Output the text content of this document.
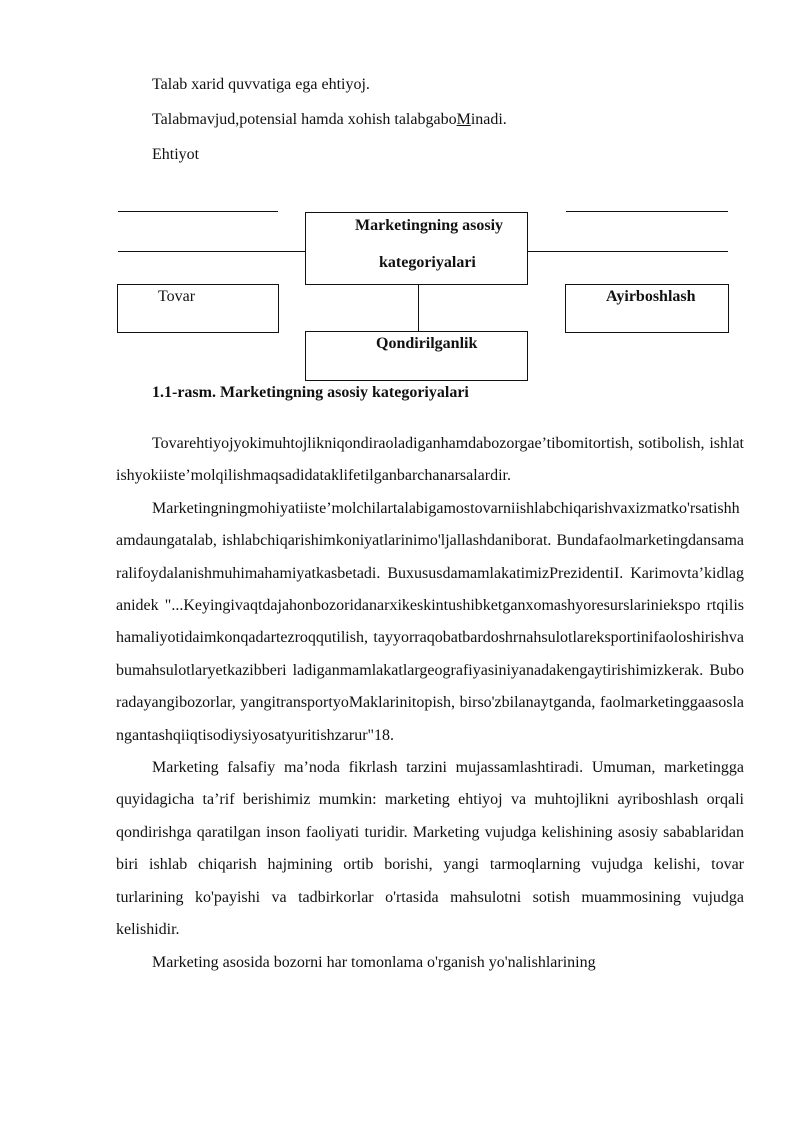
Talab xarid quvvatiga ega ehtiyoj.
Talabmavjud,potensial hamda xohish talabgaboMinadi.
Ehtiyot
Marketingning asosiy
kategoriyalari
Tovar	Ayirboshlash
Qondirilganlik
1.1-rasm. Marketingning asosiy kategoriyalari

Tovarehtiyojyokimuhtojlikniqondiraoladiganhamdabozorgae’tibomitortish, sotibolish, ishlatishyokiiste’molqilishmaqsadidataklifetilganbarchanarsalardir.

Marketingningmohiyatiiste’molchilartalabigamostovarniishlabchiqarishvaxizmatko'rsatishhamdaungatalab, ishlabchiqarishimkoniyatlarinimo'ljallashdaniborat. Bundafaolmarketingdansamaralifoydalanishmuhimahamiyatkasbetadi. BuxususdamamlakatimizPrezidentiI. Karimovta’kidlaganidek "...Keyingivaqtdajahonbozoridanarxikeskintushibketganxomashyoresurslariniekspo rtqilishamaliyotidaimkonqadartezroqqutilish, tayyorraqobatbardoshrnahsulotlareksportinifaoloshirishvabumahsulotlaryetkazibberi ladiganmamlakatlargeografiyasiniyanadakengaytirishimizkerak. Buboradayangibozorlar, yangitransportyoMaklarinitopish, birso'zbilanaytganda, faolmarketinggaasoslangantashqiiqtisodiysiyosatyuritishzarur"18.

Marketing falsafiy ma’noda fikrlash tarzini mujassamlashtiradi. Umuman, marketingga quyidagicha ta’rif berishimiz mumkin: marketing ehtiyoj va muhtojlikni ayriboshlash orqali qondirishga qaratilgan inson faoliyati turidir. Marketing vujudga kelishining asosiy sabablaridan biri ishlab chiqarish hajmining ortib borishi, yangi tarmoqlarning vujudga kelishi, tovar turlarining ko'payishi va tadbirkorlar o'rtasida mahsulotni sotish muammosining vujudga kelishidir.

Marketing asosida bozorni har tomonlama o'rganish yo'nalishlarining
